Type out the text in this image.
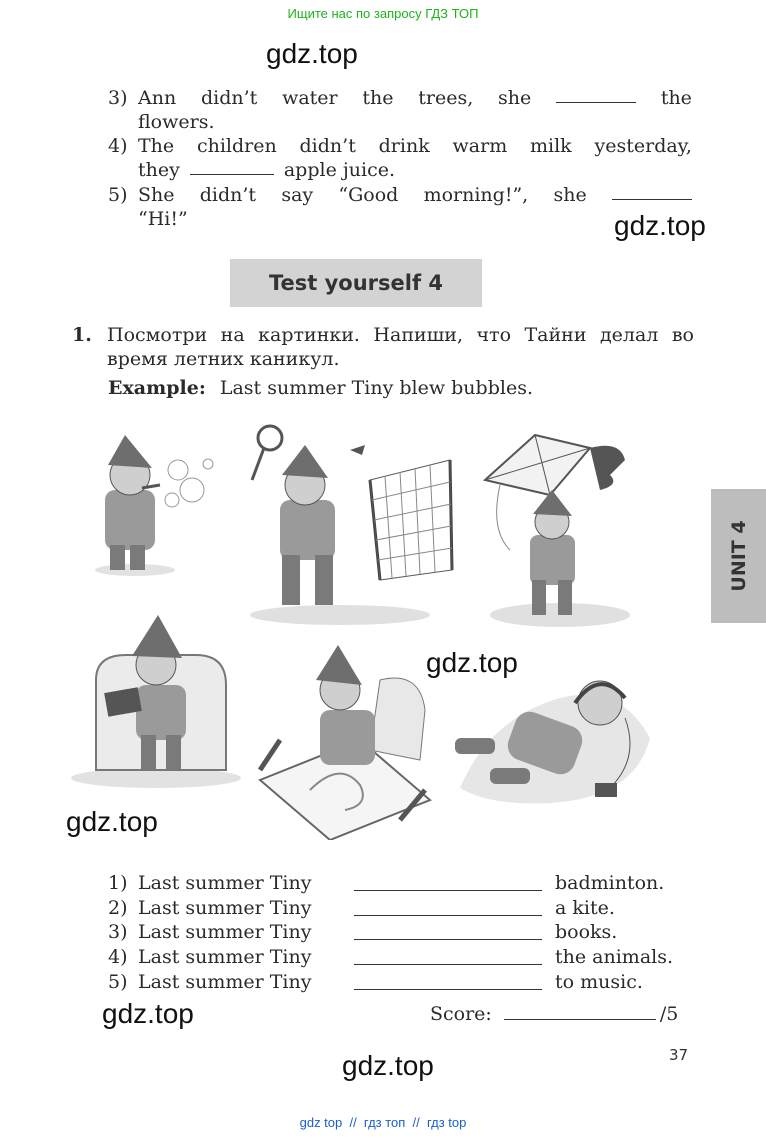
Ищите нас по запросу ГДЗ ТОП
gdz.top
gdz.top
gdz.top
gdz.top
gdz.top
gdz.top
3) Ann didn’t water the trees, she	the
flowers.
4) The children didn’t drink warm milk yesterday,
they	apple juice.
5) She didn’t say “Good morning!”, she
“Hi!”
Test yourself 4
1. Посмотри на картинки. Напиши, что Тайни делал во время летних каникул.
Example: Last summer Tiny blew bubbles.
UNIT 4
1) Last summer Tiny	badminton.
2) Last summer Tiny	a kite.
3) Last summer Tiny	books.
4) Last summer Tiny	the animals.
5) Last summer Tiny	to music.
Score:	/5
37
gdz top  //  гдз топ  //  гдз top
